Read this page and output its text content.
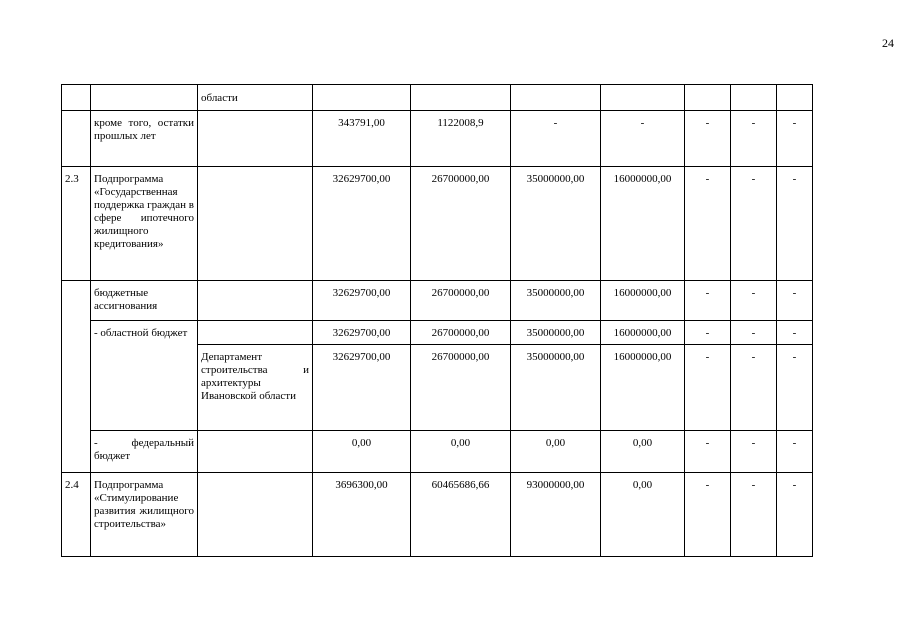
24
		области							
	кроме того, остатки прошлых лет		343791,00	1122008,9	-	-	-	-	-
2.3	Подпрограмма «Государственная поддержка граждан в сфере ипотечного жилищного кредитования»		32629700,00	26700000,00	35000000,00	16000000,00	-	-	-
	бюджетные ассигнования		32629700,00	26700000,00	35000000,00	16000000,00	-	-	-
	- областной бюджет		32629700,00	26700000,00	35000000,00	16000000,00	-	-	-
		Департамент строительства и архитектуры Ивановской области	32629700,00	26700000,00	35000000,00	16000000,00	-	-	-
	- федеральный бюджет		0,00	0,00	0,00	0,00	-	-	-
2.4	Подпрограмма «Стимулирование развития жилищного строительства»		3696300,00	60465686,66	93000000,00	0,00	-	-	-
